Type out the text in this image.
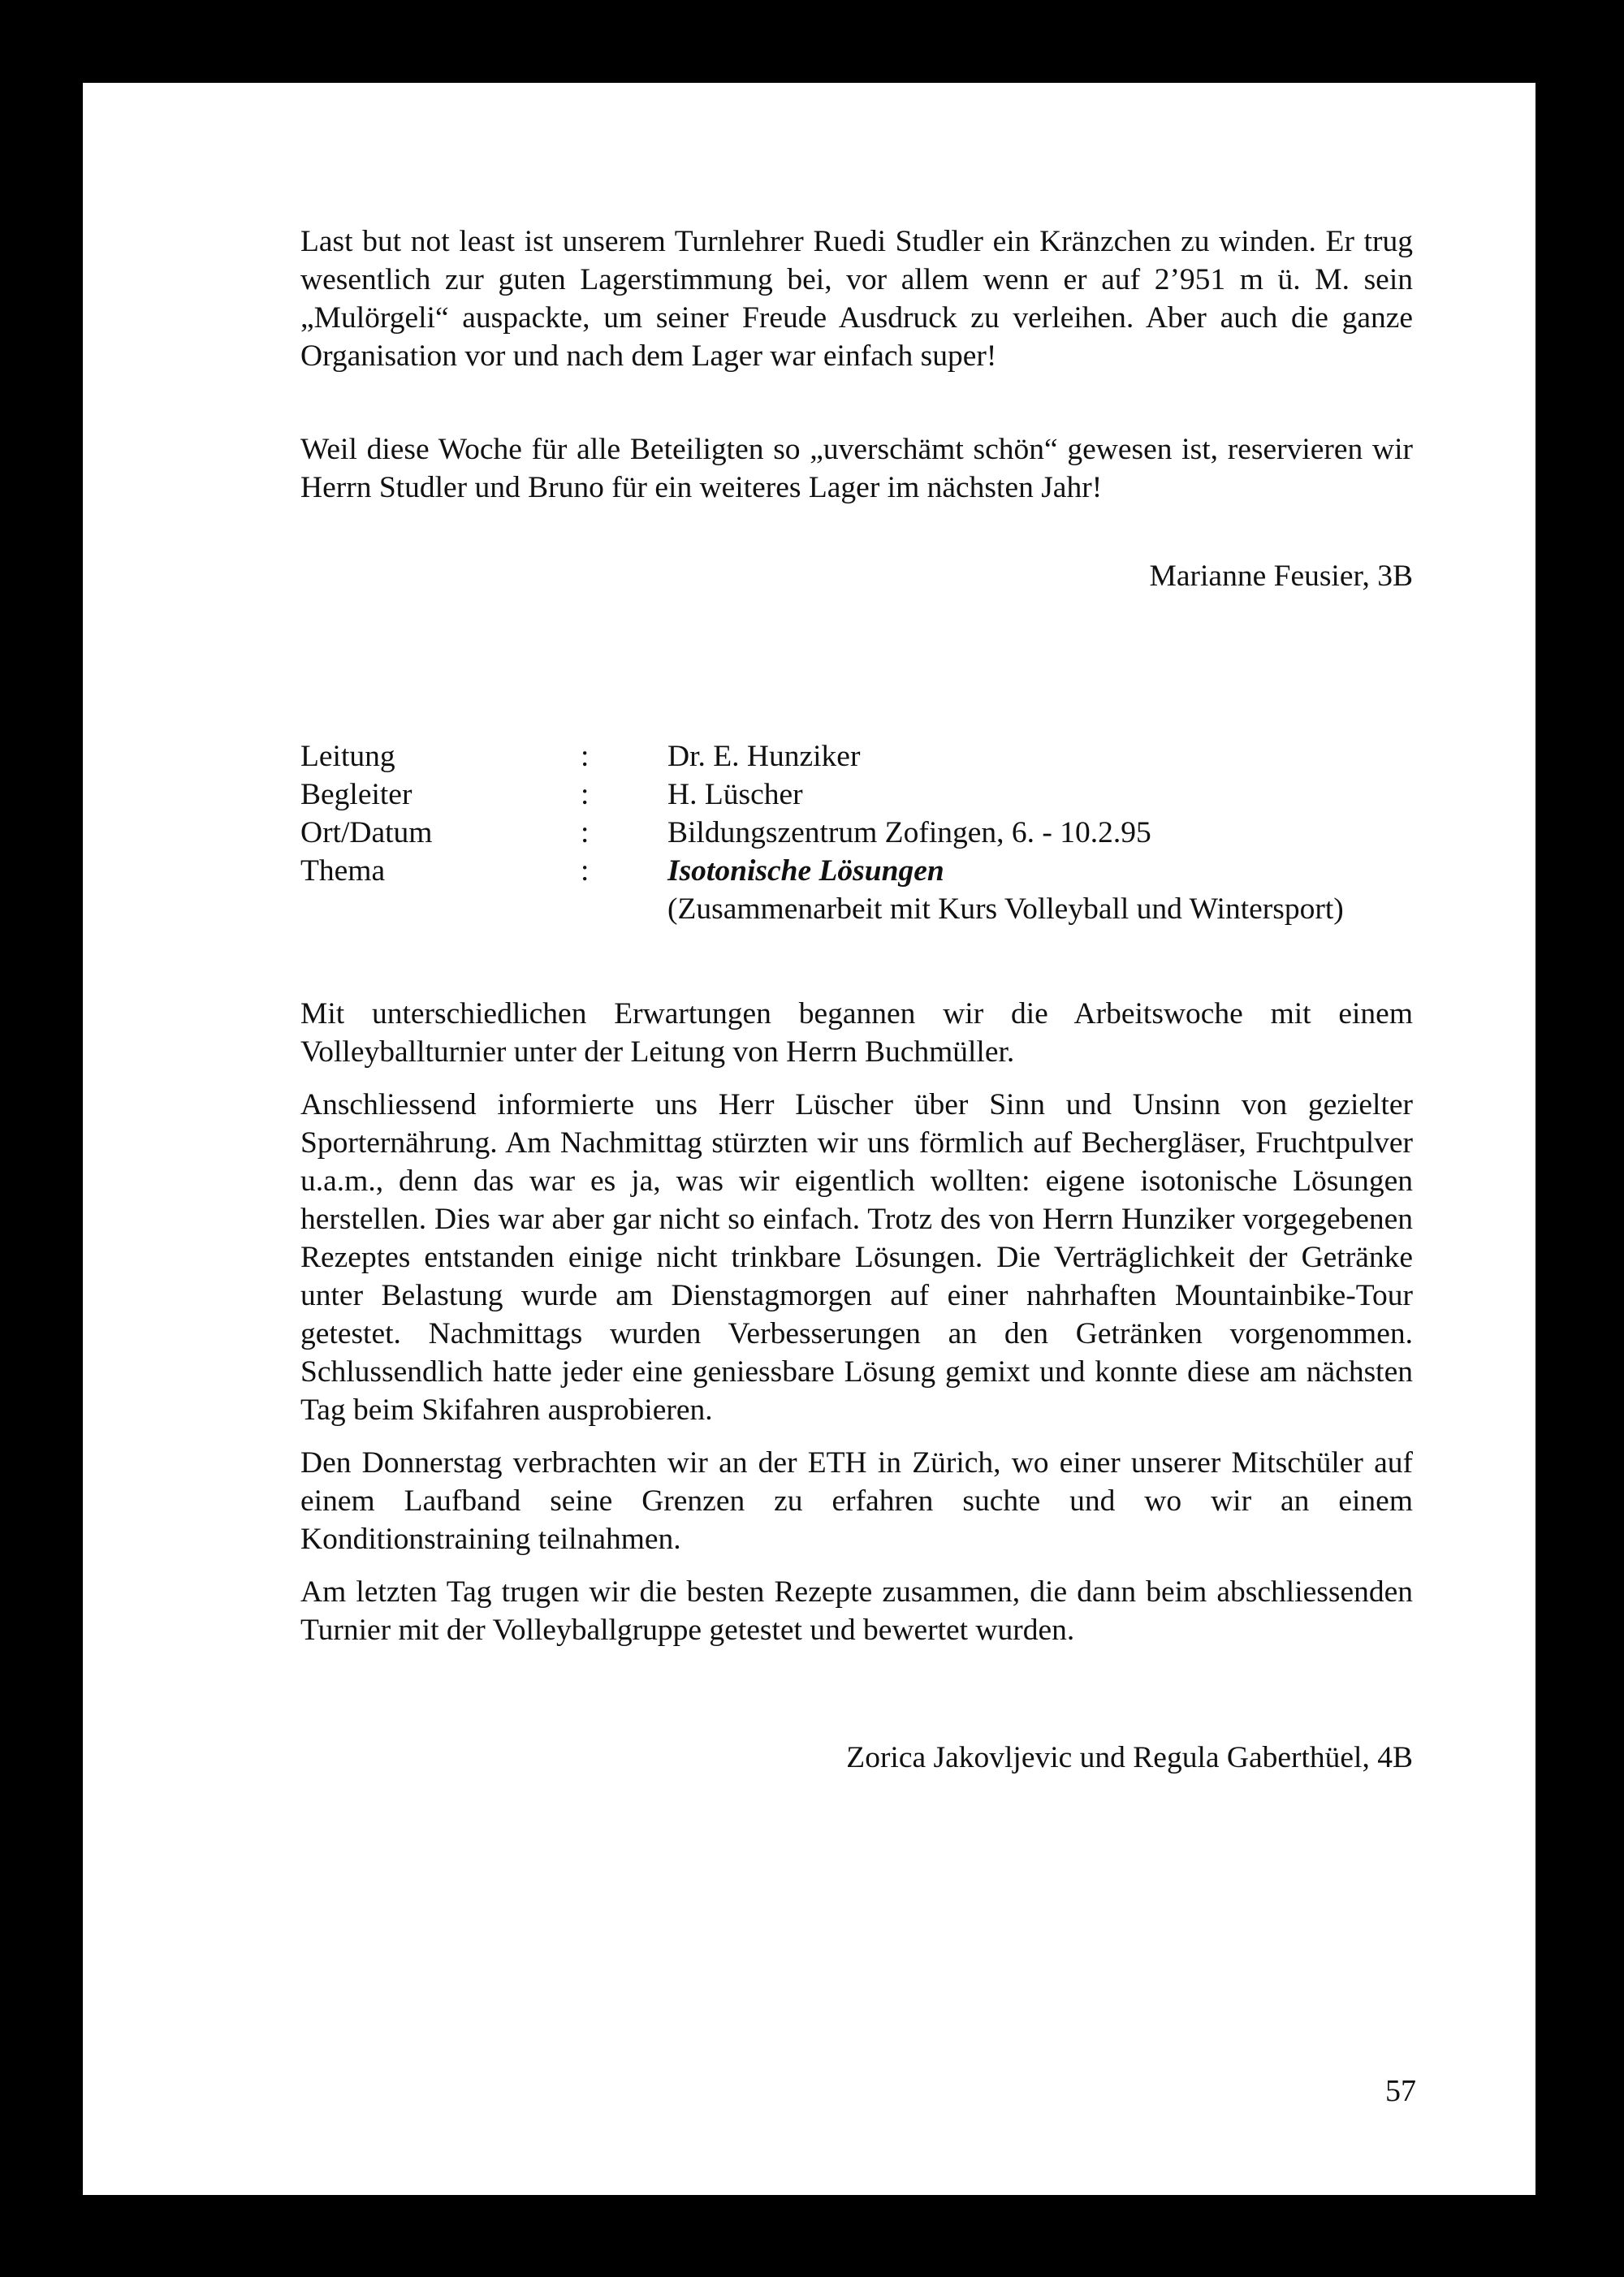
Last but not least ist unserem Turnlehrer Ruedi Studler ein Kränzchen zu winden. Er trug wesentlich zur guten Lagerstimmung bei, vor allem wenn er auf 2’951 m ü. M. sein „Mulörgeli“ auspackte, um seiner Freude Ausdruck zu verleihen. Aber auch die ganze Organisation vor und nach dem Lager war einfach super!

Weil diese Woche für alle Beteiligten so „uverschämt schön“ gewesen ist, reservieren wir Herrn Studler und Bruno für ein weiteres Lager im nächsten Jahr!

Marianne Feusier, 3B
Leitung	:	Dr. E. Hunziker
Begleiter	:	H. Lüscher
Ort/Datum	:	Bildungszentrum Zofingen, 6. - 10.2.95
Thema	:	Isotonische Lösungen

(Zusammenarbeit mit Kurs Volleyball und Wintersport)

Mit unterschiedlichen Erwartungen begannen wir die Arbeitswoche mit einem Volleyballturnier unter der Leitung von Herrn Buchmüller.

Anschliessend informierte uns Herr Lüscher über Sinn und Unsinn von gezielter Sporternährung. Am Nachmittag stürzten wir uns förmlich auf Bechergläser, Fruchtpulver u.a.m., denn das war es ja, was wir eigentlich wollten: eigene isotonische Lösungen herstellen. Dies war aber gar nicht so einfach. Trotz des von Herrn Hunziker vorgegebenen Rezeptes entstanden einige nicht trinkbare Lösungen. Die Verträglichkeit der Getränke unter Belastung wurde am Dienstagmorgen auf einer nahrhaften Mountainbike-Tour getestet. Nachmittags wurden Verbesserungen an den Getränken vorgenommen. Schlussendlich hatte jeder eine geniessbare Lösung gemixt und konnte diese am nächsten Tag beim Skifahren ausprobieren.

Den Donnerstag verbrachten wir an der ETH in Zürich, wo einer unserer Mitschüler auf einem Laufband seine Grenzen zu erfahren suchte und wo wir an einem Konditionstraining teilnahmen.

Am letzten Tag trugen wir die besten Rezepte zusammen, die dann beim abschliessenden Turnier mit der Volleyballgruppe getestet und bewertet wurden.

Zorica Jakovljevic und Regula Gaberthüel, 4B
57
